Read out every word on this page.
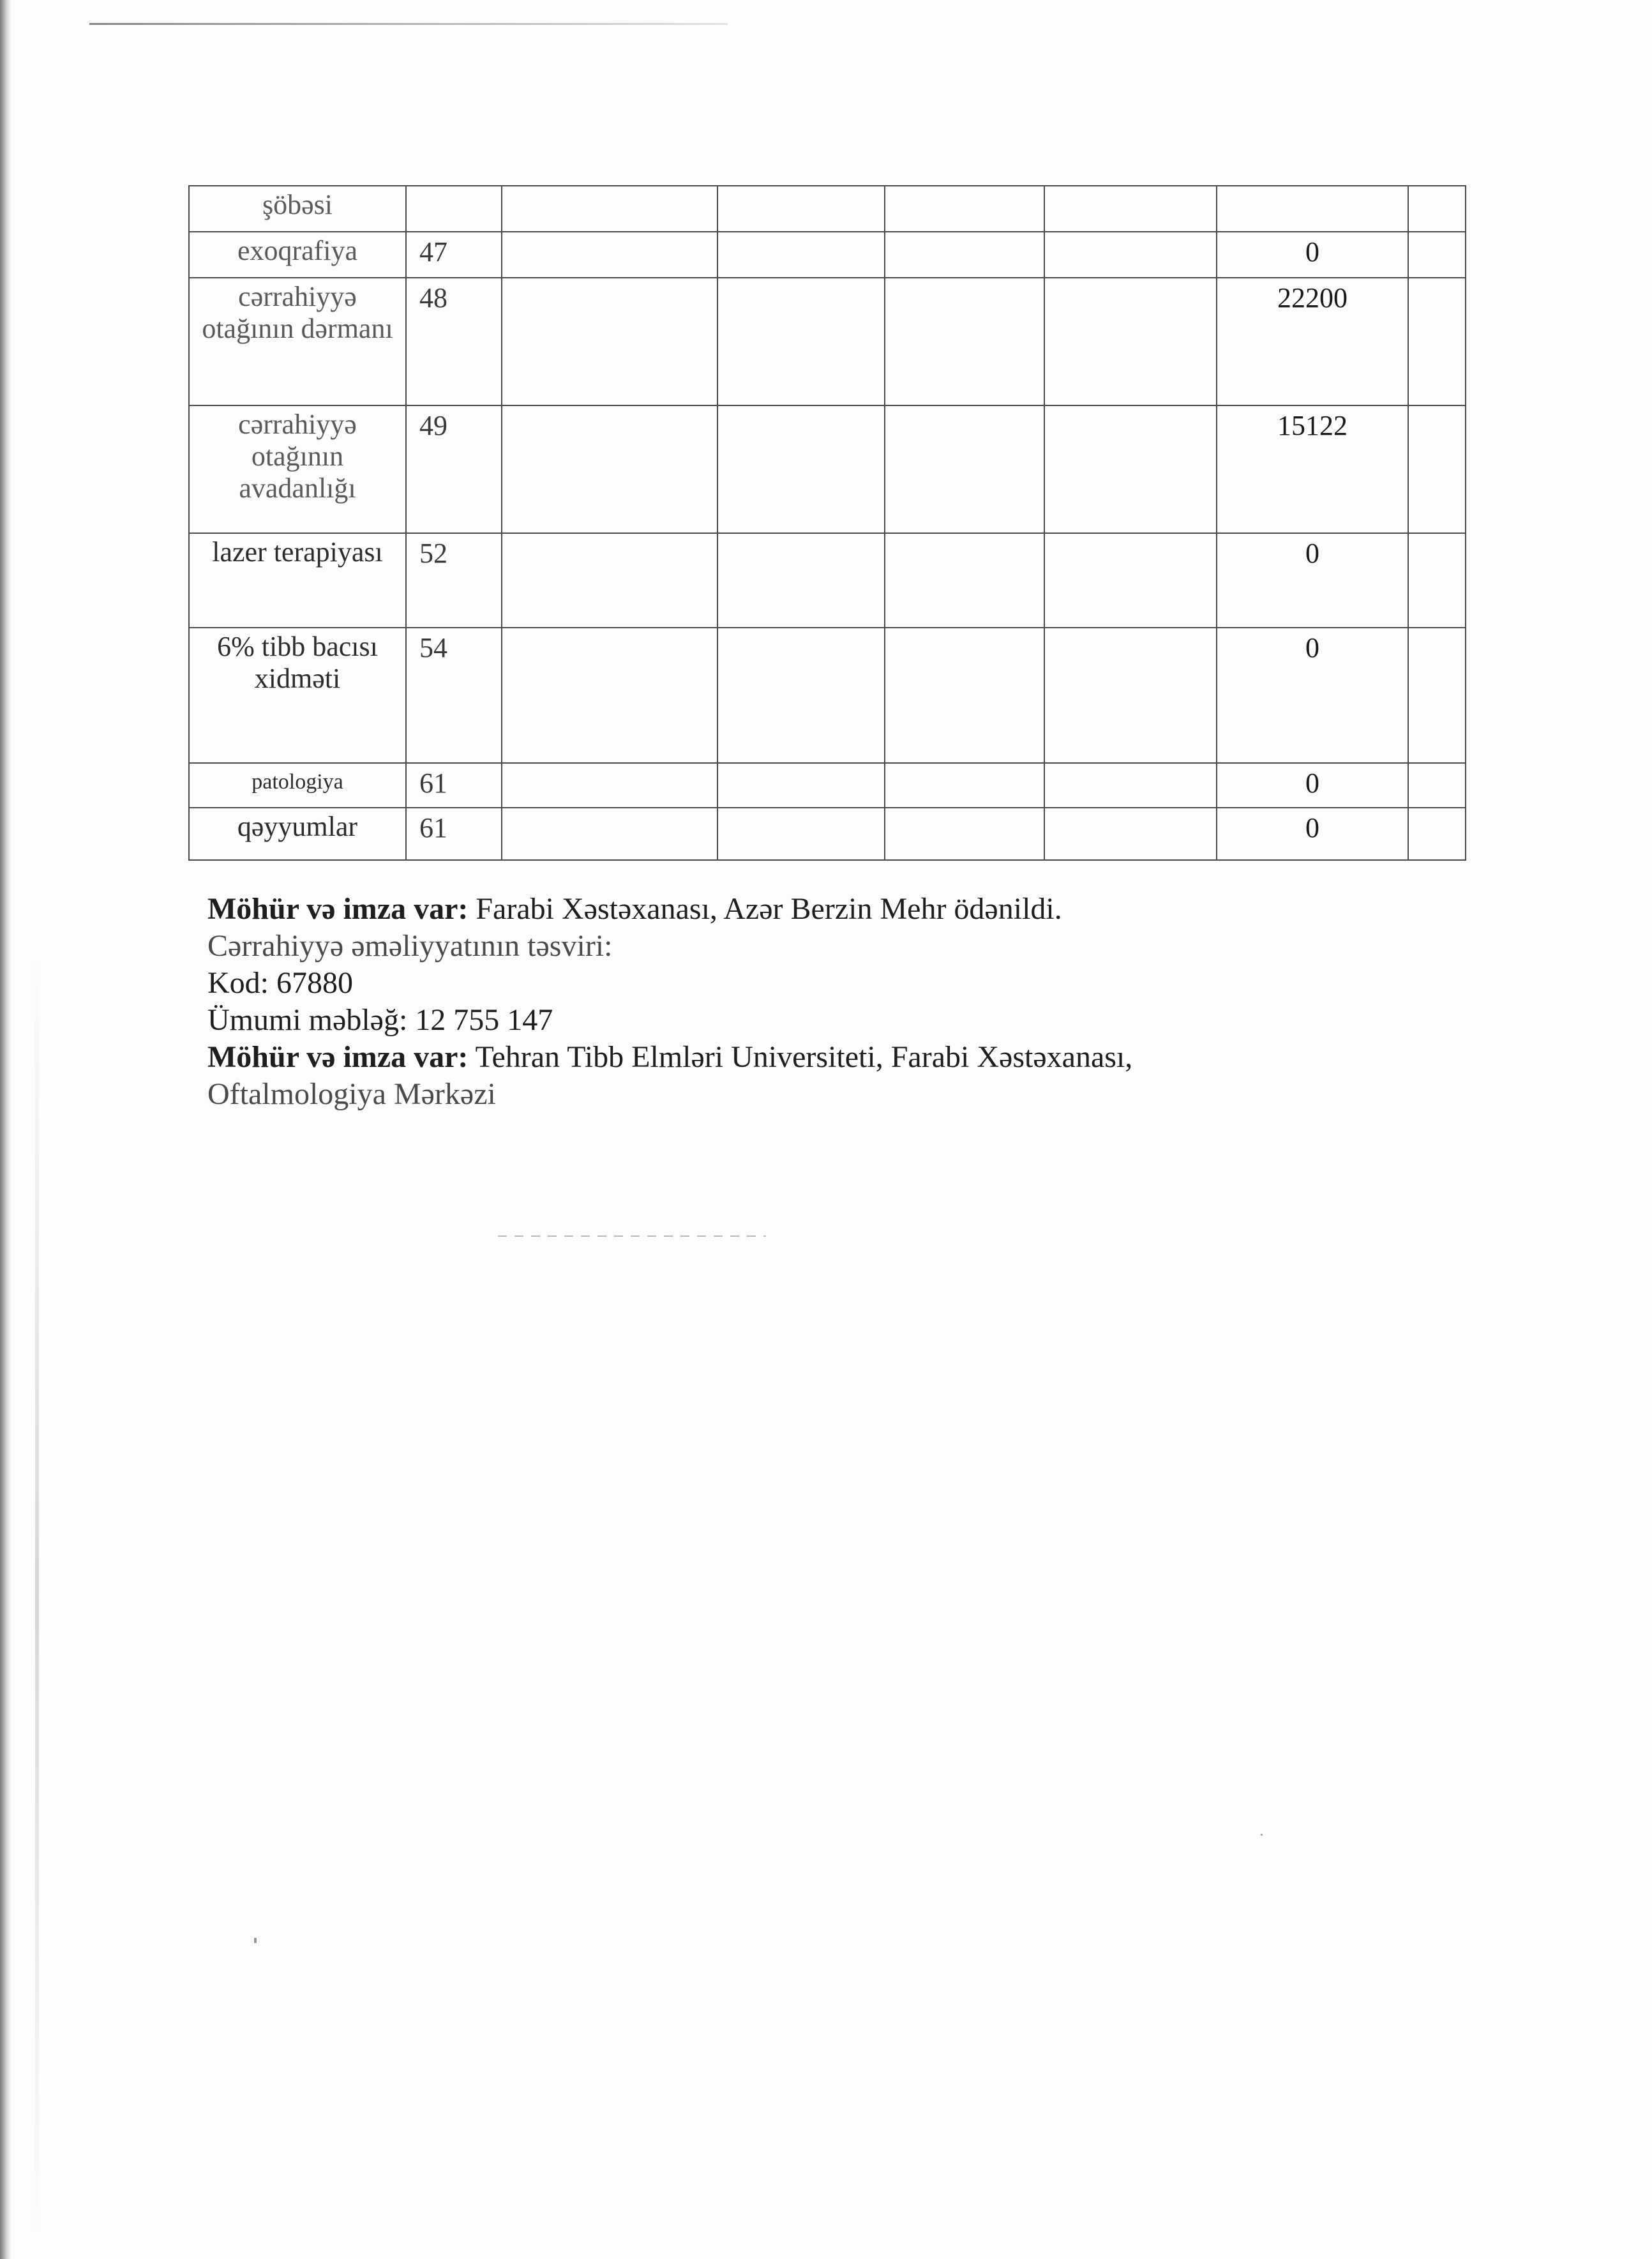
şöbəsi							
exoqrafiya	47					0	
cərrahiyyə otağının dərmanı	48					22200	
cərrahiyyə otağının avadanlığı	49					15122	
lazer terapiyası	52					0	
6% tibb bacısı xidməti	54					0	
patologiya	61					0	
qəyyumlar	61					0	
Möhür və imza var: Farabi Xəstəxanası, Azər Berzin Mehr ödənildi.
Cərrahiyyə əməliyyatının təsviri:
Kod: 67880
Ümumi məbləğ: 12 755 147
Möhür və imza var: Tehran Tibb Elmləri Universiteti, Farabi Xəstəxanası,
Oftalmologiya Mərkəzi
